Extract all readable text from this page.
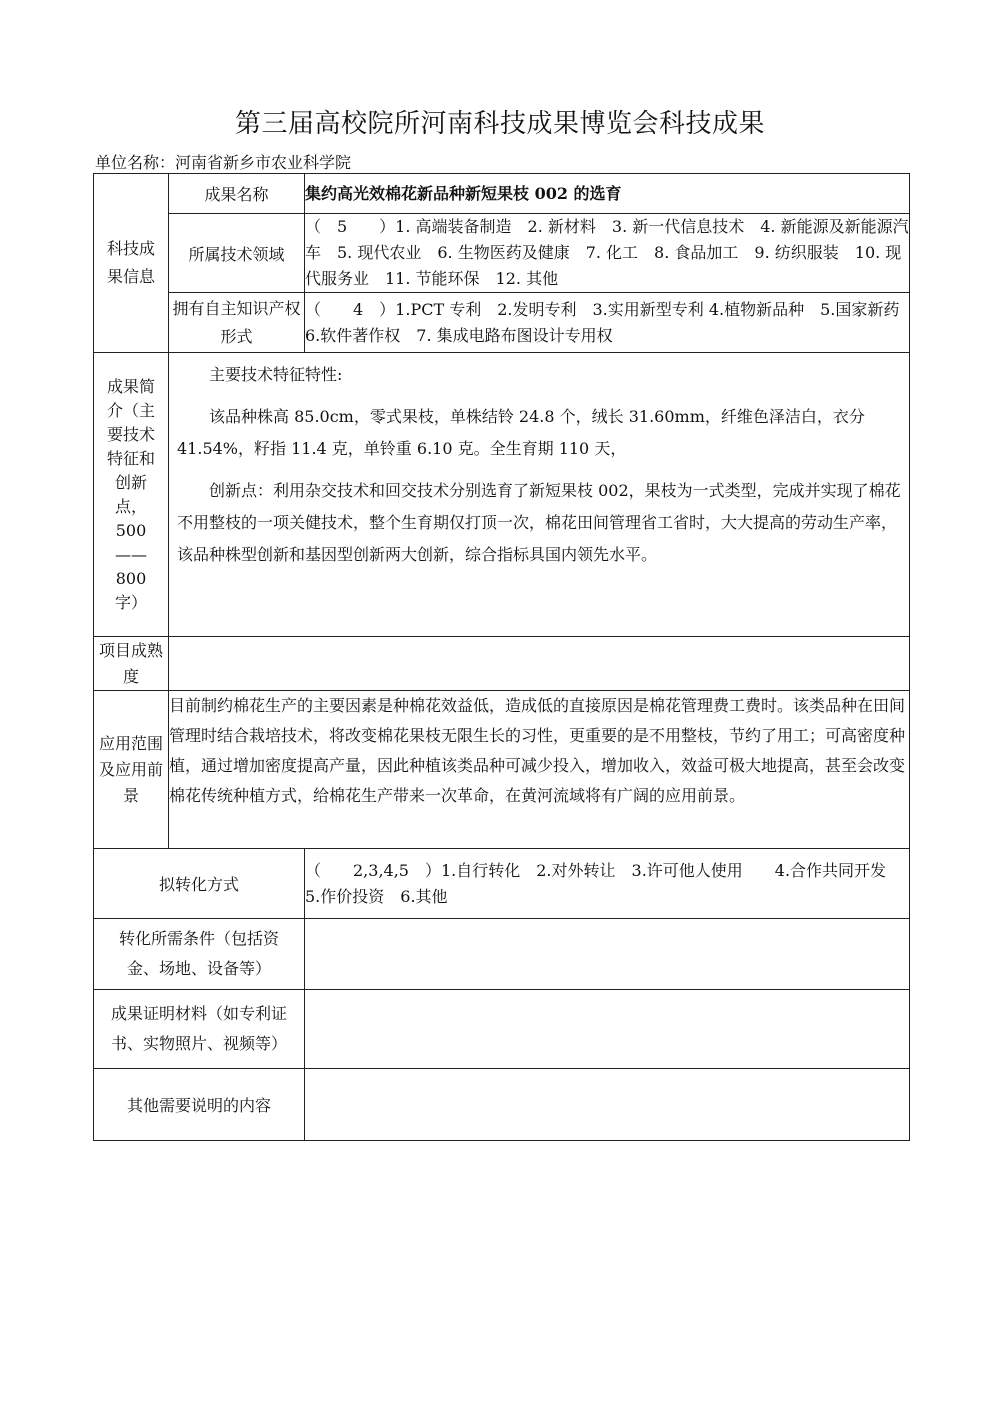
第三届高校院所河南科技成果博览会科技成果
单位名称：河南省新乡市农业科学院
科技成果信息	成果名称	集约高光效棉花新品种新短果枝 002 的选育
	所属技术领域	（　5　　）1. 高端装备制造　2. 新材料　3. 新一代信息技术　4. 新能源及新能源汽车　5. 现代农业　6. 生物医药及健康　7. 化工　8. 食品加工　9. 纺织服装　10. 现代服务业　11. 节能环保　12. 其他
	拥有自主知识产权形式	（　　4　）1.PCT 专利　2.发明专利　3.实用新型专利 4.植物新品种　5.国家新药　6.软件著作权　7. 集成电路布图设计专用权
成果简介（主要技术特征和创新点，500——800字）	主要技术特征特性:

该品种株高 85.0cm，零式果枝，单株结铃 24.8 个，绒长 31.60mm，纤维色泽洁白，衣分 41.54%，籽指 11.4 克，单铃重 6.10 克。全生育期 110 天，

创新点：利用杂交技术和回交技术分别选育了新短果枝 002，果枝为一式类型，完成并实现了棉花不用整枝的一项关健技术，整个生育期仅打顶一次，棉花田间管理省工省时，大大提高的劳动生产率，该品种株型创新和基因型创新两大创新，综合指标具国内领先水平。	

项目成熟度		
应用范围及应用前景	目前制约棉花生产的主要因素是种棉花效益低，造成低的直接原因是棉花管理费工费时。该类品种在田间管理时结合栽培技术，将改变棉花果枝无限生长的习性，更重要的是不用整枝，节约了用工；可高密度种植，通过增加密度提高产量，因此种植该类品种可减少投入，增加收入，效益可极大地提高，甚至会改变棉花传统种植方式，给棉花生产带来一次革命，在黄河流域将有广阔的应用前景。	
拟转化方式		（　　2,3,4,5　）1.自行转化　2.对外转让　3.许可他人使用　　4.合作共同开发　5.作价投资　6.其他
转化所需条件（包括资金、场地、设备等）		
成果证明材料（如专利证书、实物照片、视频等）		
其他需要说明的内容		
